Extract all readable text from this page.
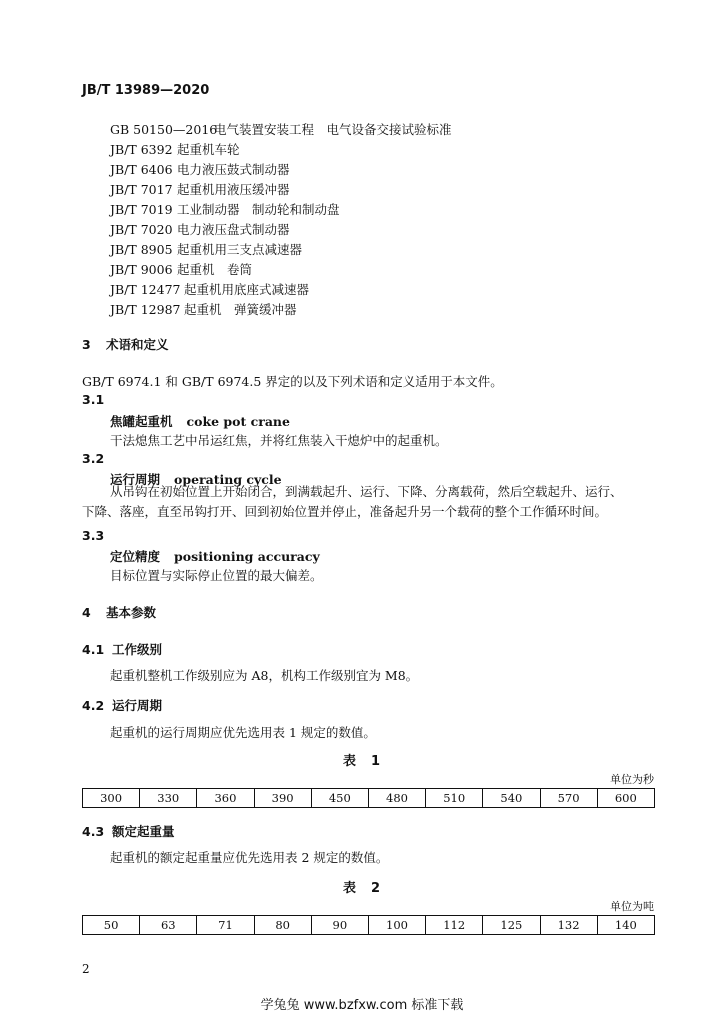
JB/T 13989—2020
GB 50150—2016电气装置安装工程　电气设备交接试验标准
JB/T 6392 起重机车轮
JB/T 6406 电力液压鼓式制动器
JB/T 7017 起重机用液压缓冲器
JB/T 7019 工业制动器　制动轮和制动盘
JB/T 7020 电力液压盘式制动器
JB/T 8905 起重机用三支点减速器
JB/T 9006 起重机　卷筒
JB/T 12477 起重机用底座式减速器
JB/T 12987 起重机　弹簧缓冲器
3 术语和定义
GB/T 6974.1 和 GB/T 6974.5 界定的以及下列术语和定义适用于本文件。
3.1
焦罐起重机 coke pot crane
干法熄焦工艺中吊运红焦，并将红焦装入干熄炉中的起重机。
3.2
运行周期 operating cycle
从吊钩在初始位置上开始闭合，到满载起升、运行、下降、分离载荷，然后空载起升、运行、下降、落座，直至吊钩打开、回到初始位置并停止，准备起升另一个载荷的整个工作循环时间。
3.3
定位精度 positioning accuracy
目标位置与实际停止位置的最大偏差。
4 基本参数
4.1 工作级别
起重机整机工作级别应为 A8，机构工作级别宜为 M8。
4.2 运行周期
起重机的运行周期应优先选用表 1 规定的数值。
表　1
单位为秒
300	330	360	390	450	480	510	540	570	600
4.3 额定起重量
起重机的额定起重量应优先选用表 2 规定的数值。
表　2
单位为吨
50	63	71	80	90	100	112	125	132	140
2
学兔兔 www.bzfxw.com 标准下载
